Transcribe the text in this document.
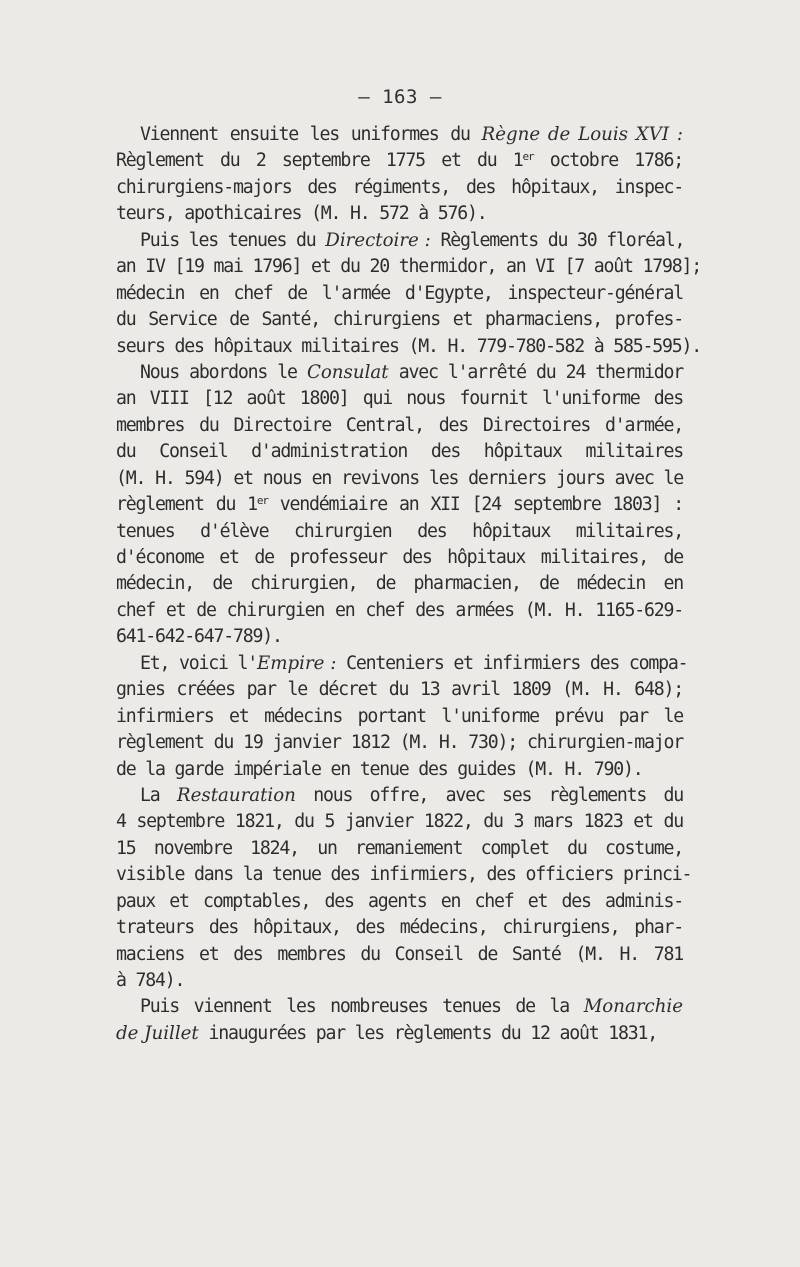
— 163 —
Viennent ensuite les uniformes du Règne de Louis XVI :
Règlement du 2 septembre 1775 et du 1er octobre 1786;
chirurgiens-majors des régiments, des hôpitaux, inspec-
teurs, apothicaires (M. H. 572 à 576).
Puis les tenues du Directoire : Règlements du 30 floréal,
an IV [19 mai 1796] et du 20 thermidor, an VI [7 août 1798];
médecin en chef de l'armée d'Egypte, inspecteur-général
du Service de Santé, chirurgiens et pharmaciens, profes-
seurs des hôpitaux militaires (M. H. 779-780-582 à 585-595).
Nous abordons le Consulat avec l'arrêté du 24 thermidor
an VIII [12 août 1800] qui nous fournit l'uniforme des
membres du Directoire Central, des Directoires d'armée,
du Conseil d'administration des hôpitaux militaires
(M. H. 594) et nous en revivons les derniers jours avec le
règlement du 1er vendémiaire an XII [24 septembre 1803] :
tenues d'élève chirurgien des hôpitaux militaires,
d'économe et de professeur des hôpitaux militaires, de
médecin, de chirurgien, de pharmacien, de médecin en
chef et de chirurgien en chef des armées (M. H. 1165-629-
641-642-647-789).
Et, voici l'Empire : Centeniers et infirmiers des compa-
gnies créées par le décret du 13 avril 1809 (M. H. 648);
infirmiers et médecins portant l'uniforme prévu par le
règlement du 19 janvier 1812 (M. H. 730); chirurgien-major
de la garde impériale en tenue des guides (M. H. 790).
La Restauration nous offre, avec ses règlements du
4 septembre 1821, du 5 janvier 1822, du 3 mars 1823 et du
15 novembre 1824, un remaniement complet du costume,
visible dans la tenue des infirmiers, des officiers princi-
paux et comptables, des agents en chef et des adminis-
trateurs des hôpitaux, des médecins, chirurgiens, phar-
maciens et des membres du Conseil de Santé (M. H. 781
à 784).
Puis viennent les nombreuses tenues de la Monarchie
de Juillet inaugurées par les règlements du 12 août 1831,
